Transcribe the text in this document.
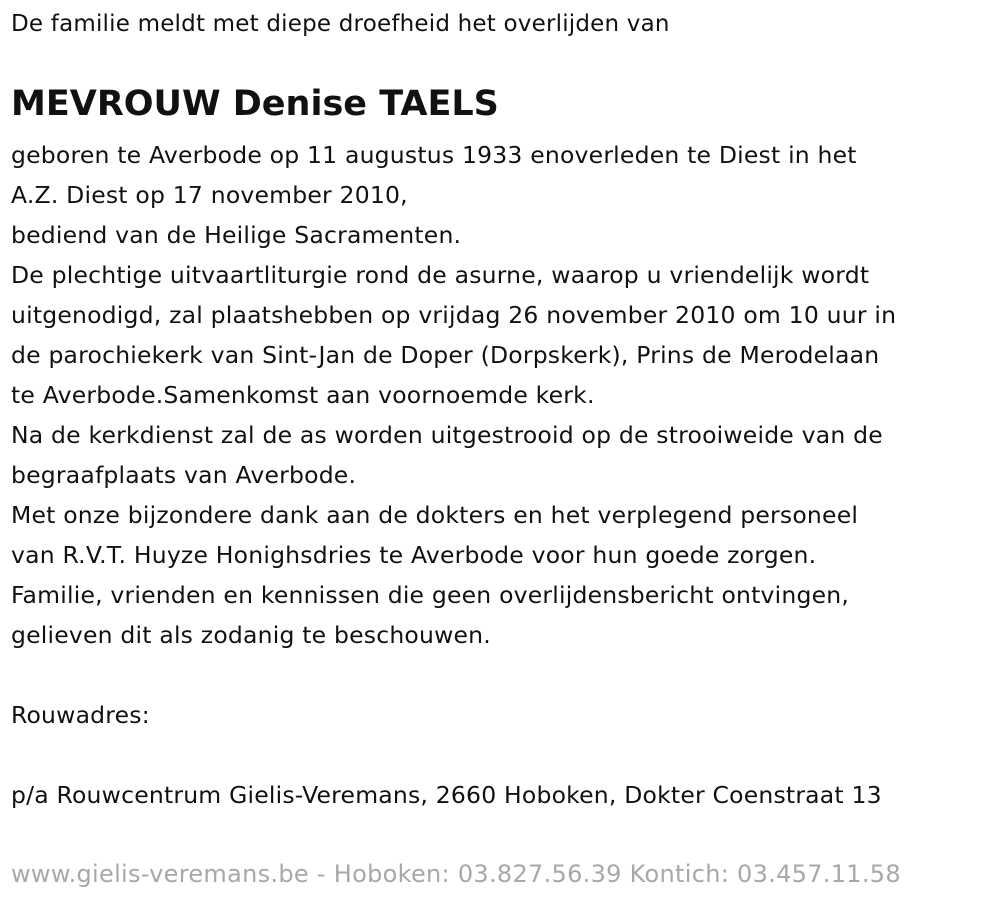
De familie meldt met diepe droefheid het overlijden van
MEVROUW Denise TAELS
geboren te Averbode op 11 augustus 1933 enoverleden te Diest in het
A.Z. Diest op 17 november 2010,
bediend van de Heilige Sacramenten.
De plechtige uitvaartliturgie rond de asurne, waarop u vriendelijk wordt
uitgenodigd, zal plaatshebben op vrijdag 26 november 2010 om 10 uur in
de parochiekerk van Sint-Jan de Doper (Dorpskerk), Prins de Merodelaan
te Averbode.Samenkomst aan voornoemde kerk.
Na de kerkdienst zal de as worden uitgestrooid op de strooiweide van de
begraafplaats van Averbode.
Met onze bijzondere dank aan de dokters en het verplegend personeel
van R.V.T. Huyze Honighsdries te Averbode voor hun goede zorgen.
Familie, vrienden en kennissen die geen overlijdensbericht ontvingen,
gelieven dit als zodanig te beschouwen.
Rouwadres:
p/a Rouwcentrum Gielis-Veremans, 2660 Hoboken, Dokter Coenstraat 13
www.gielis-veremans.be - Hoboken: 03.827.56.39 Kontich: 03.457.11.58
